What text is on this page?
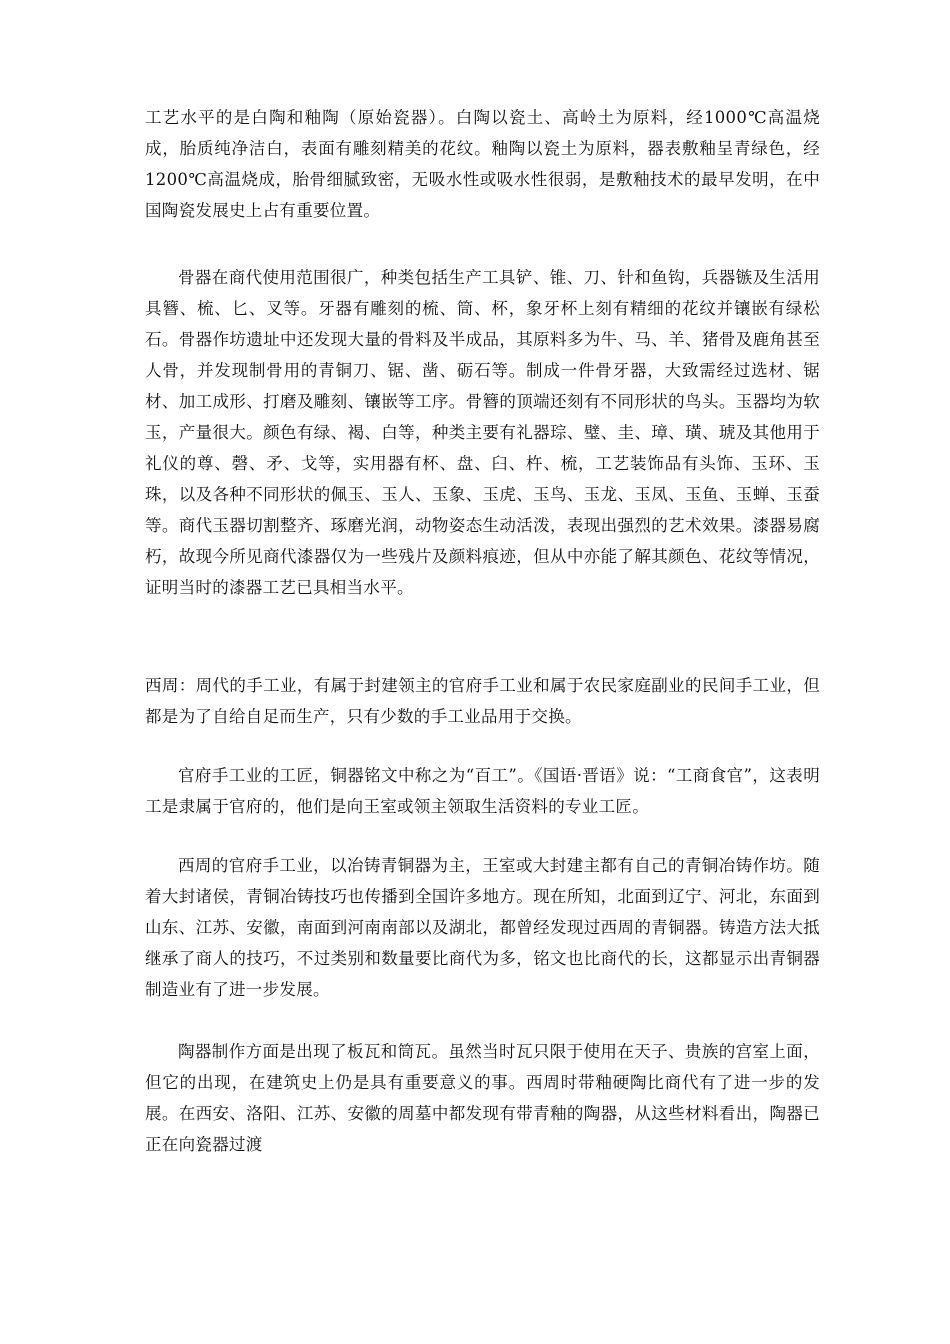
工艺水平的是白陶和釉陶（原始瓷器）。白陶以瓷土、高岭土为原料，经1000℃高温烧成，胎质纯净洁白，表面有雕刻精美的花纹。釉陶以瓷土为原料，器表敷釉呈青绿色，经 1200℃高温烧成，胎骨细腻致密，无吸水性或吸水性很弱，是敷釉技术的最早发明，在中国陶瓷发展史上占有重要位置。

骨器在商代使用范围很广，种类包括生产工具铲、锥、刀、针和鱼钩，兵器镞及生活用具簪、梳、匕、叉等。牙器有雕刻的梳、筒、杯，象牙杯上刻有精细的花纹并镶嵌有绿松石。骨器作坊遗址中还发现大量的骨料及半成品，其原料多为牛、马、羊、猪骨及鹿角甚至人骨，并发现制骨用的青铜刀、锯、凿、砺石等。制成一件骨牙器，大致需经过选材、锯材、加工成形、打磨及雕刻、镶嵌等工序。骨簪的顶端还刻有不同形状的鸟头。玉器均为软玉，产量很大。颜色有绿、褐、白等，种类主要有礼器琮、璧、圭、璋、璜、琥及其他用于礼仪的尊、磬、矛、戈等，实用器有杯、盘、臼、杵、梳，工艺装饰品有头饰、玉环、玉珠，以及各种不同形状的佩玉、玉人、玉象、玉虎、玉鸟、玉龙、玉凤、玉鱼、玉蝉、玉蚕等。商代玉器切割整齐、琢磨光润，动物姿态生动活泼，表现出强烈的艺术效果。漆器易腐朽，故现今所见商代漆器仅为一些残片及颜料痕迹，但从中亦能了解其颜色、花纹等情况，证明当时的漆器工艺已具相当水平。

西周：周代的手工业，有属于封建领主的官府手工业和属于农民家庭副业的民间手工业，但都是为了自给自足而生产，只有少数的手工业品用于交换。

官府手工业的工匠，铜器铭文中称之为“百工”。《国语·晋语》说：“工商食官”，这表明工是隶属于官府的，他们是向王室或领主领取生活资料的专业工匠。

西周的官府手工业，以冶铸青铜器为主，王室或大封建主都有自己的青铜冶铸作坊。随着大封诸侯，青铜冶铸技巧也传播到全国许多地方。现在所知，北面到辽宁、河北，东面到山东、江苏、安徽，南面到河南南部以及湖北，都曾经发现过西周的青铜器。铸造方法大抵继承了商人的技巧，不过类别和数量要比商代为多，铭文也比商代的长，这都显示出青铜器制造业有了进一步发展。

陶器制作方面是出现了板瓦和筒瓦。虽然当时瓦只限于使用在天子、贵族的宫室上面，但它的出现，在建筑史上仍是具有重要意义的事。西周时带釉硬陶比商代有了进一步的发展。在西安、洛阳、江苏、安徽的周墓中都发现有带青釉的陶器，从这些材料看出，陶器已正在向瓷器过渡
